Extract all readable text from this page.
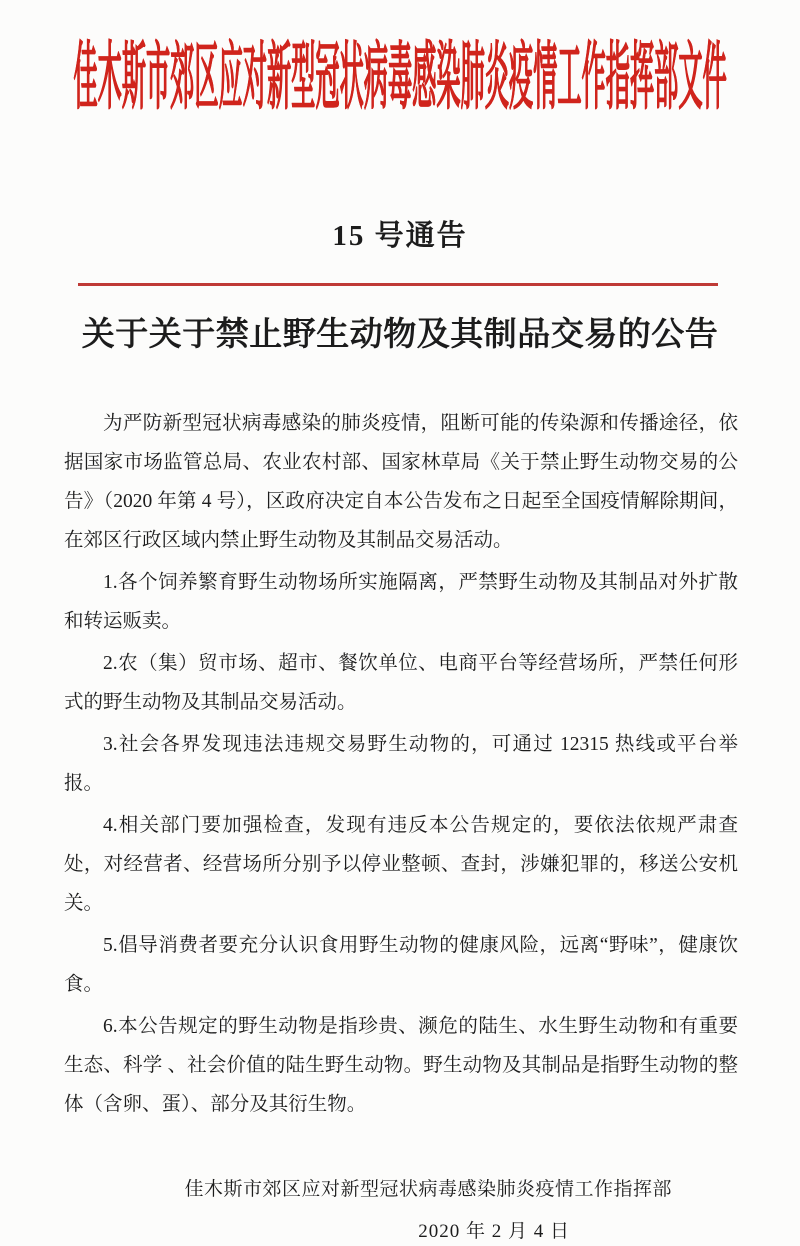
佳木斯市郊区应对新型冠状病毒感染肺炎疫情工作指挥部文件
15 号通告
关于关于禁止野生动物及其制品交易的公告

为严防新型冠状病毒感染的肺炎疫情，阻断可能的传染源和传播途径，依据国家市场监管总局、农业农村部、国家林草局《关于禁止野生动物交易的公告》（2020 年第 4 号），区政府决定自本公告发布之日起至全国疫情解除期间，在郊区行政区域内禁止野生动物及其制品交易活动。

1.各个饲养繁育野生动物场所实施隔离，严禁野生动物及其制品对外扩散和转运贩卖。

2.农（集）贸市场、超市、餐饮单位、电商平台等经营场所，严禁任何形式的野生动物及其制品交易活动。

3.社会各界发现违法违规交易野生动物的，可通过 12315 热线或平台举报。

4.相关部门要加强检查，发现有违反本公告规定的，要依法依规严肃查处，对经营者、经营场所分别予以停业整顿、查封，涉嫌犯罪的，移送公安机关。

5.倡导消费者要充分认识食用野生动物的健康风险，远离“野味”，健康饮食。

6.本公告规定的野生动物是指珍贵、濒危的陆生、水生野生动物和有重要生态、科学 、社会价值的陆生野生动物。野生动物及其制品是指野生动物的整体（含卵、蛋）、部分及其衍生物。

佳木斯市郊区应对新型冠状病毒感染肺炎疫情工作指挥部
2020 年 2 月 4 日
